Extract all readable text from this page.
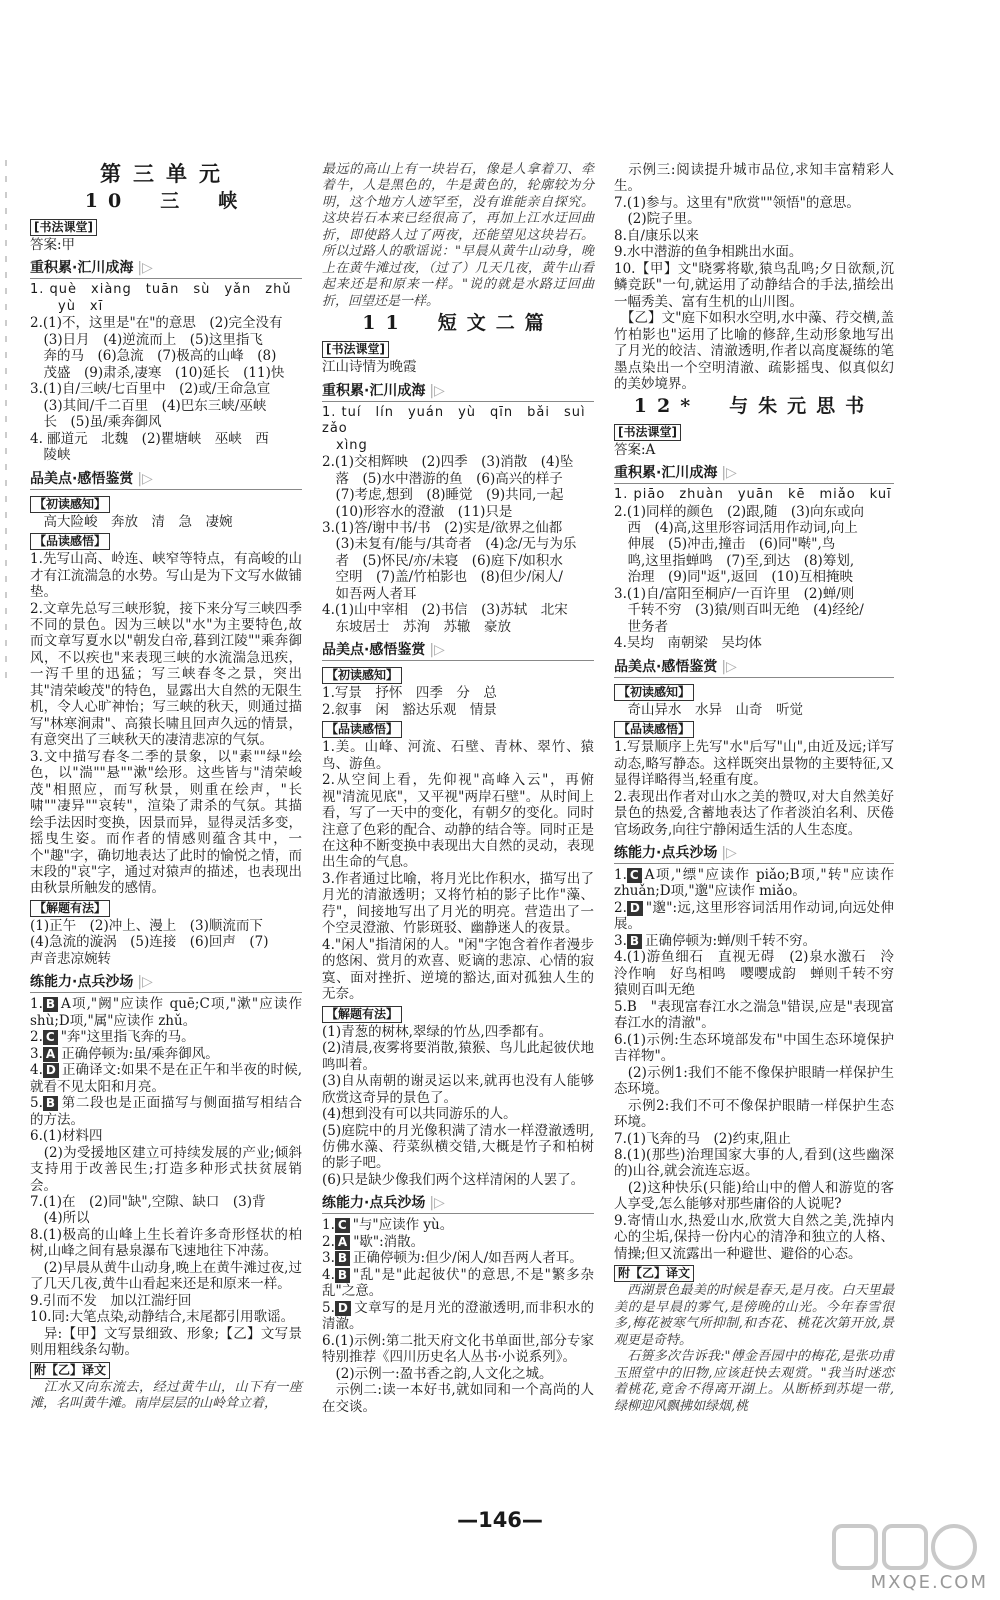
第三单元
10　三　峡
[书法课堂]

答案:甲

重积累·汇川成海 |▷

1. què　xiàng　tuān　sù　yǎn　zhǔ

　　yù　xī

2.(1)不，这里是"在"的意思　(2)完全没有

　(3)日月　(4)逆流而上　(5)这里指飞

　奔的马　(6)急流　(7)极高的山峰　(8)

　茂盛　(9)肃杀,凄寒　(10)延长　(11)快

3.(1)自/三峡/七百里中　(2)或/王命急宣

　(3)其间/千二百里　(4)巴东三峡/巫峡

　长　(5)虽/乘奔御风

4. 郦道元　北魏　(2)瞿塘峡　巫峡　西

　陵峡

品美点·感悟鉴赏 |▷
【初读感知】

　高大险峻　奔放　清　急　凄婉

【品读感悟】

1.先写山高、岭连、峡窄等特点，有高峻的山才有江流湍急的水势。写山是为下文写水做铺垫。

2.文章先总写三峡形貌，接下来分写三峡四季不同的景色。因为三峡以"水"为主要特色,故而文章写夏水以"朝发白帝,暮到江陵""乘奔御风，不以疾也"来表现三峡的水流湍急迅疾，一泻千里的迅猛；写三峡春冬之景，突出其"清荣峻茂"的特色，显露出大自然的无限生机，令人心旷神怡；写三峡的秋天，则通过描写"林寒涧肃"、高猿长啸且回声久远的情景，有意突出了三峡秋天的凄清悲凉的气氛。

3.文中描写春冬二季的景象，以"素""绿"绘色，以"湍""悬""漱"绘形。这些皆与"清荣峻茂"相照应，而写秋景，则重在绘声，"长啸""凄异""哀转"，渲染了肃杀的气氛。其描绘手法因时变换，因景而异，显得灵活多变，摇曳生姿。而作者的情感则蕴含其中，一个"趣"字，确切地表达了此时的愉悦之情，而末段的"哀"字，通过对猿声的描述，也表现出由秋景所触发的感情。

【解题有法】

(1)正午　(2)冲上、漫上　(3)顺流而下

(4)急流的漩涡　(5)连接　(6)回声　(7)

声音悲凉婉转

练能力·点兵沙场 |▷

1. B A项,"阙"应读作 quē;C项,"漱"应读作 shù;D项,"属"应读作 zhǔ。

2. C "奔"这里指飞奔的马。

3. A 正确停顿为:虽/乘奔御风。

4. D 正确译文:如果不是在正午和半夜的时候,就看不见太阳和月亮。

5. B 第二段也是正面描写与侧面描写相结合的方法。

6.(1)材料四

　(2)为受援地区建立可持续发展的产业;倾斜支持用于改善民生;打造多种形式扶贫展销会。

7.(1)在　(2)同"缺",空隙、缺口　(3)背

　(4)所以

8.(1)极高的山峰上生长着许多奇形怪状的柏树,山峰之间有悬泉瀑布飞速地往下冲荡。

　(2)早晨从黄牛山动身,晚上在黄牛滩过夜,过了几天几夜,黄牛山看起来还是和原来一样。

9.引而不发　加以江湍纡回

10.同:大笔点染,动静结合,末尾都引用歌谣。

　异:【甲】文写景细致、形象;【乙】文写景则用粗线条勾勒。

附【乙】译文

　江水又向东流去，经过黄牛山，山下有一座滩，名叫黄牛滩。南岸层层的山岭耸立着，

最远的高山上有一块岩石，像是人拿着刀、牵着牛，人是黑色的，牛是黄色的，轮廓较为分明，这个地方人迹罕至，没有谁能亲自探究。这块岩石本来已经很高了，再加上江水迂回曲折，即使路人过了两夜，还能望见这块岩石。所以过路人的歌谣说："早晨从黄牛山动身，晚上在黄牛滩过夜，（过了）几天几夜，黄牛山看起来还是和原来一样。"说的就是水路迂回曲折，回望还是一样。

11　短文二篇
[书法课堂]

江山诗情为晚霞

重积累·汇川成海 |▷

1. tuí　lín　yuán　yù　qīn　bǎi　suì　zǎo

　xìng

2.(1)交相辉映　(2)四季　(3)消散　(4)坠

　落　(5)水中潜游的鱼　(6)高兴的样子

　(7)考虑,想到　(8)睡觉　(9)共同,一起

　(10)形容水的澄澈　(11)只是

3.(1)答/谢中书/书　(2)实是/欲界之仙都

　(3)未复有/能与/其奇者　(4)念/无与为乐

　者　(5)怀民/亦/未寝　(6)庭下/如积水

　空明　(7)盖/竹柏影也　(8)但少/闲人/

　如吾两人者耳

4.(1)山中宰相　(2)书信　(3)苏轼　北宋

　东坡居士　苏洵　苏辙　豪放

品美点·感悟鉴赏 |▷
【初读感知】

1.写景　抒怀　四季　分　总

2.叙事　闲　豁达乐观　情景

【品读感悟】

1.美。山峰、河流、石壁、青林、翠竹、猿鸟、游鱼。

2.从空间上看，先仰视"高峰入云"，再俯视"清流见底"，又平视"两岸石壁"。从时间上看，写了一天中的变化，有朝夕的变化。同时注意了色彩的配合、动静的结合等。同时正是在这种不断变换中表现出大自然的灵动，表现出生命的气息。

3.作者通过比喻，将月光比作积水，描写出了月光的清澈透明；又将竹柏的影子比作"藻、荇"，间接地写出了月光的明亮。营造出了一个空灵澄澈、竹影斑驳、幽静迷人的夜景。

4."闲人"指清闲的人。"闲"字饱含着作者漫步的悠闲、赏月的欢喜、贬谪的悲凉、心情的寂寞、面对挫折、逆境的豁达,面对孤独人生的无奈。

【解题有法】

(1)青葱的树林,翠绿的竹丛,四季都有。

(2)清晨,夜雾将要消散,猿猴、鸟儿此起彼伏地鸣叫着。

(3)自从南朝的谢灵运以来,就再也没有人能够欣赏这奇异的景色了。

(4)想到没有可以共同游乐的人。

(5)庭院中的月光像积满了清水一样澄澈透明,仿佛水藻、荇菜纵横交错,大概是竹子和柏树的影子吧。

(6)只是缺少像我们两个这样清闲的人罢了。

练能力·点兵沙场 |▷

1. C "与"应读作 yù。

2. A "歇":消散。

3. B 正确停顿为:但少/闲人/如吾两人者耳。

4. B "乱"是"此起彼伏"的意思,不是"繁多杂乱"之意。

5. D 文章写的是月光的澄澈透明,而非积水的清澈。

6.(1)示例:第二批天府文化书单面世,部分专家特别推荐《四川历史名人丛书·小说系列》。

　(2)示例一:盈书香之韵,人文化之城。

　示例二:读一本好书,就如同和一个高尚的人在交谈。

　示例三:阅读提升城市品位,求知丰富精彩人生。

7.(1)参与。这里有"欣赏""领悟"的意思。

　(2)院子里。

8.自/康乐以来

9.水中潜游的鱼争相跳出水面。

10.【甲】文"晓雾将歇,猿鸟乱鸣;夕日欲颓,沉鳞竞跃"一句,就运用了动静结合的手法,描绘出一幅秀美、富有生机的山川图。

　【乙】文"庭下如积水空明,水中藻、荇交横,盖竹柏影也"运用了比喻的修辞,生动形象地写出了月光的皎洁、清澈透明,作者以高度凝练的笔墨点染出一个空明清澈、疏影摇曳、似真似幻的美妙境界。

12*　与朱元思书
[书法课堂]

答案:A

重积累·汇川成海 |▷

1. piāo　zhuàn　yuān　kē　miǎo　kuī

2.(1)同样的颜色　(2)跟,随　(3)向东或向

　西　(4)高,这里形容词活用作动词,向上

　伸展　(5)冲击,撞击　(6)同"啭",鸟

　鸣,这里指蝉鸣　(7)至,到达　(8)筹划,

　治理　(9)同"返",返回　(10)互相掩映

3.(1)自/富阳至桐庐/一百许里　(2)蝉/则

　千转不穷　(3)猿/则百叫无绝　(4)经纶/

　世务者

4.吴均　南朝梁　吴均体

品美点·感悟鉴赏 |▷
【初读感知】

　奇山异水　水异　山奇　听觉

【品读感悟】

1.写景顺序上先写"水"后写"山",由近及远;详写动态,略写静态。这样既突出景物的主要特征,又显得详略得当,轻重有度。

2.表现出作者对山水之美的赞叹,对大自然美好景色的热爱,含蓄地表达了作者淡泊名利、厌倦官场政务,向往宁静闲适生活的人生态度。

练能力·点兵沙场 |▷

1. C A项,"缥"应读作 piǎo;B项,"转"应读作 zhuǎn;D项,"邈"应读作 miǎo。

2. D "邈":远,这里形容词活用作动词,向远处伸展。

3. B 正确停顿为:蝉/则千转不穷。

4.(1)游鱼细石　直视无碍　(2)泉水激石　泠泠作响　好鸟相鸣　嘤嘤成韵　蝉则千转不穷　猿则百叫无绝

5.B　"表现富春江水之湍急"错误,应是"表现富春江水的清澈"。

6.(1)示例:生态环境部发布"中国生态环境保护吉祥物"。

　(2)示例1:我们不能不像保护眼睛一样保护生态环境。

　示例2:我们不可不像保护眼睛一样保护生态环境。

7.(1)飞奔的马　(2)约束,阻止

8.(1)(那些)治理国家大事的人,看到(这些幽深的)山谷,就会流连忘返。

　(2)这种快乐(只能)给山中的僧人和游览的客人享受,怎么能够对那些庸俗的人说呢?

9.寄情山水,热爱山水,欣赏大自然之美,洗掉内心的尘垢,保持一份内心的清净和独立的人格、情操;但又流露出一种避世、避俗的心态。

附【乙】译文

　西湖景色最美的时候是春天,是月夜。白天里最美的是早晨的雾气,是傍晚的山光。今年春雪很多,梅花被寒气所抑制,和杏花、桃花次第开放,景观更是奇特。
　石篑多次告诉我:"傅金吾园中的梅花,是张功甫玉照堂中的旧物,应该赶快去观赏。"我当时迷恋着桃花,竟舍不得离开湖上。从断桥到苏堤一带,绿柳迎风飘拂如绿烟,桃

—146—
MXQE.COM
